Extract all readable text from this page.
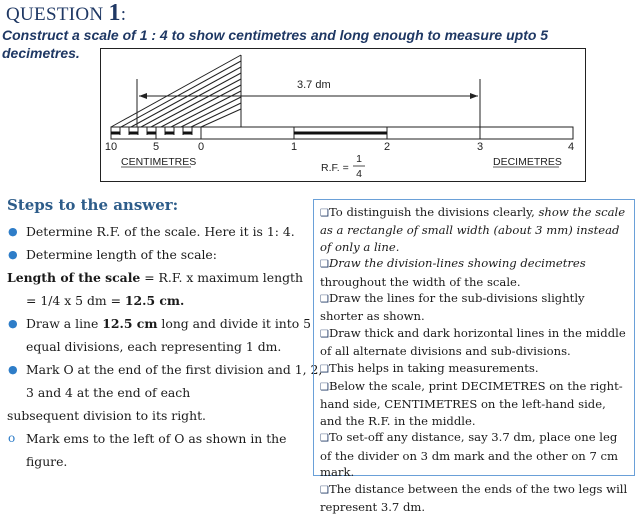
QUESTION 1:
Construct a scale of 1 : 4 to show centimetres and long enough to measure upto 5 decimetres.
3.7 dm
10	5	0	1	2	3	4
CENTIMETRES	DECIMETRES
R.F. =
1
4
Steps to the answer:
● Determine R.F. of the scale. Here it is 1: 4.
● Determine length of the scale:
Length of the scale = R.F. x maximum length
= 1/4 x 5 dm = 12.5 cm.
● Draw a line 12.5 cm long and divide it into 5
equal divisions, each representing 1 dm.
● Mark O at the end of the first division and 1, 2,
3 and 4 at the end of each
subsequent division to its right.
o Mark ems to the left of O as shown in the
figure.
❑To distinguish the divisions clearly, show the scale as a rectangle of small width (about 3 mm) instead of only a line.
❑Draw the division-lines showing decimetres throughout the width of the scale.
❑Draw the lines for the sub-divisions slightly shorter as shown.
❑Draw thick and dark horizontal lines in the middle of all alternate divisions and sub-divisions.
❑This helps in taking measurements.
❑Below the scale, print DECIMETRES on the right-hand side, CENTIMETRES on the left-hand side, and the R.F. in the middle.
❑To set-off any distance, say 3.7 dm, place one leg of the divider on 3 dm mark and the other on 7 cm mark.
❑The distance between the ends of the two legs will represent 3.7 dm.
